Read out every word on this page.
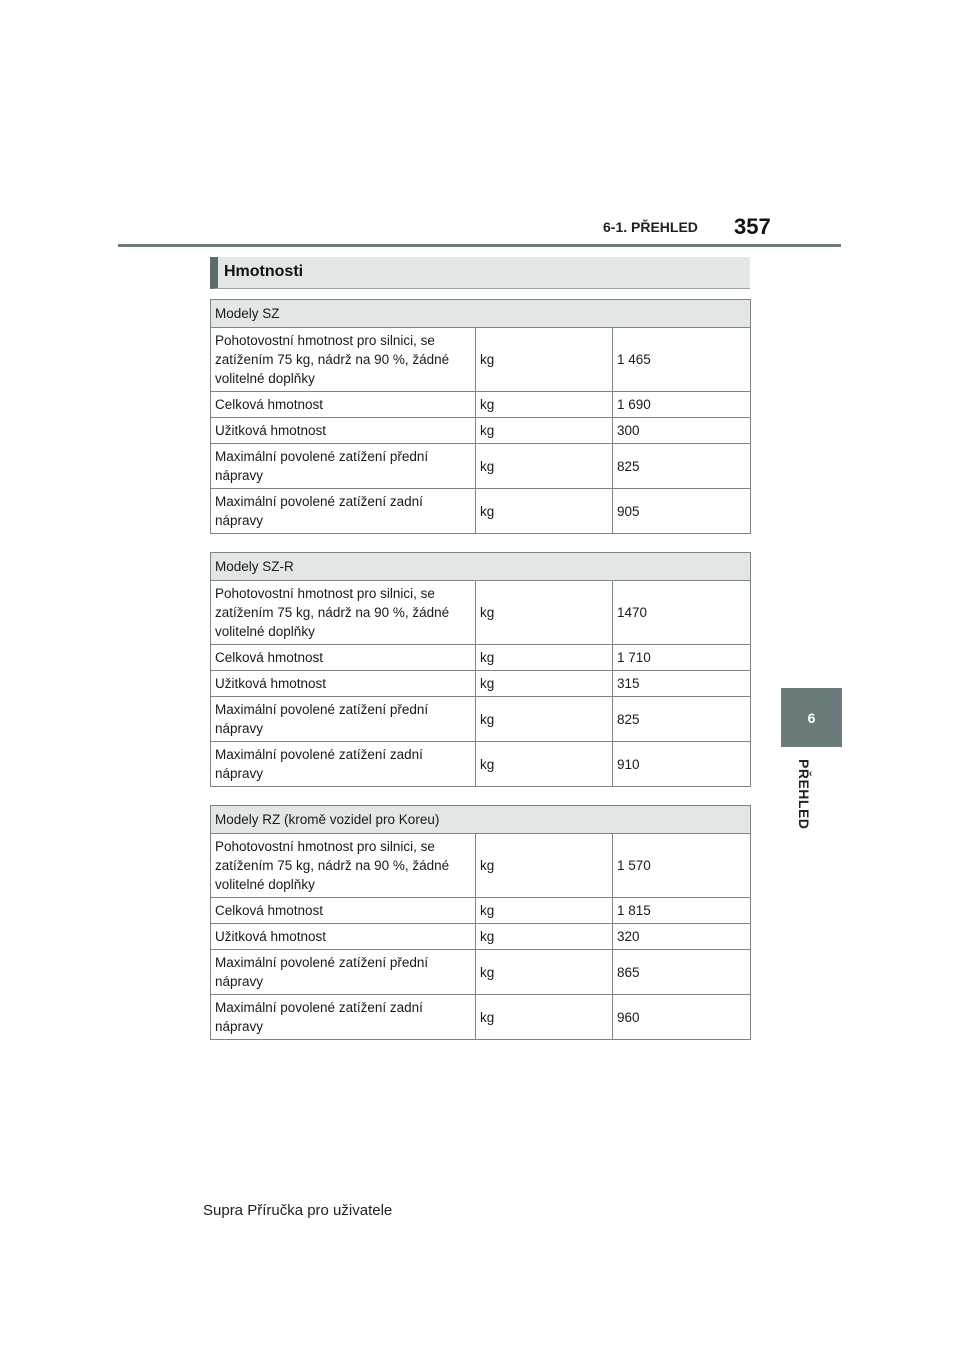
6-1. PŘEHLED 357
6
PŘEHLED
Hmotnosti
Modely SZ		
Pohotovostní hmotnost pro silnici, se zatížením 75 kg, nádrž na 90 %, žádné volitelné doplňky	kg	1 465
Celková hmotnost	kg	1 690
Užitková hmotnost	kg	300
Maximální povolené zatížení přední nápravy	kg	825
Maximální povolené zatížení zadní nápravy	kg	905
Modely SZ-R		
Pohotovostní hmotnost pro silnici, se zatížením 75 kg, nádrž na 90 %, žádné volitelné doplňky	kg	1470
Celková hmotnost	kg	1 710
Užitková hmotnost	kg	315
Maximální povolené zatížení přední nápravy	kg	825
Maximální povolené zatížení zadní nápravy	kg	910
Modely RZ (kromě vozidel pro Koreu)		
Pohotovostní hmotnost pro silnici, se zatížením 75 kg, nádrž na 90 %, žádné volitelné doplňky	kg	1 570
Celková hmotnost	kg	1 815
Užitková hmotnost	kg	320
Maximální povolené zatížení přední nápravy	kg	865
Maximální povolené zatížení zadní nápravy	kg	960
Supra Příručka pro uživatele
